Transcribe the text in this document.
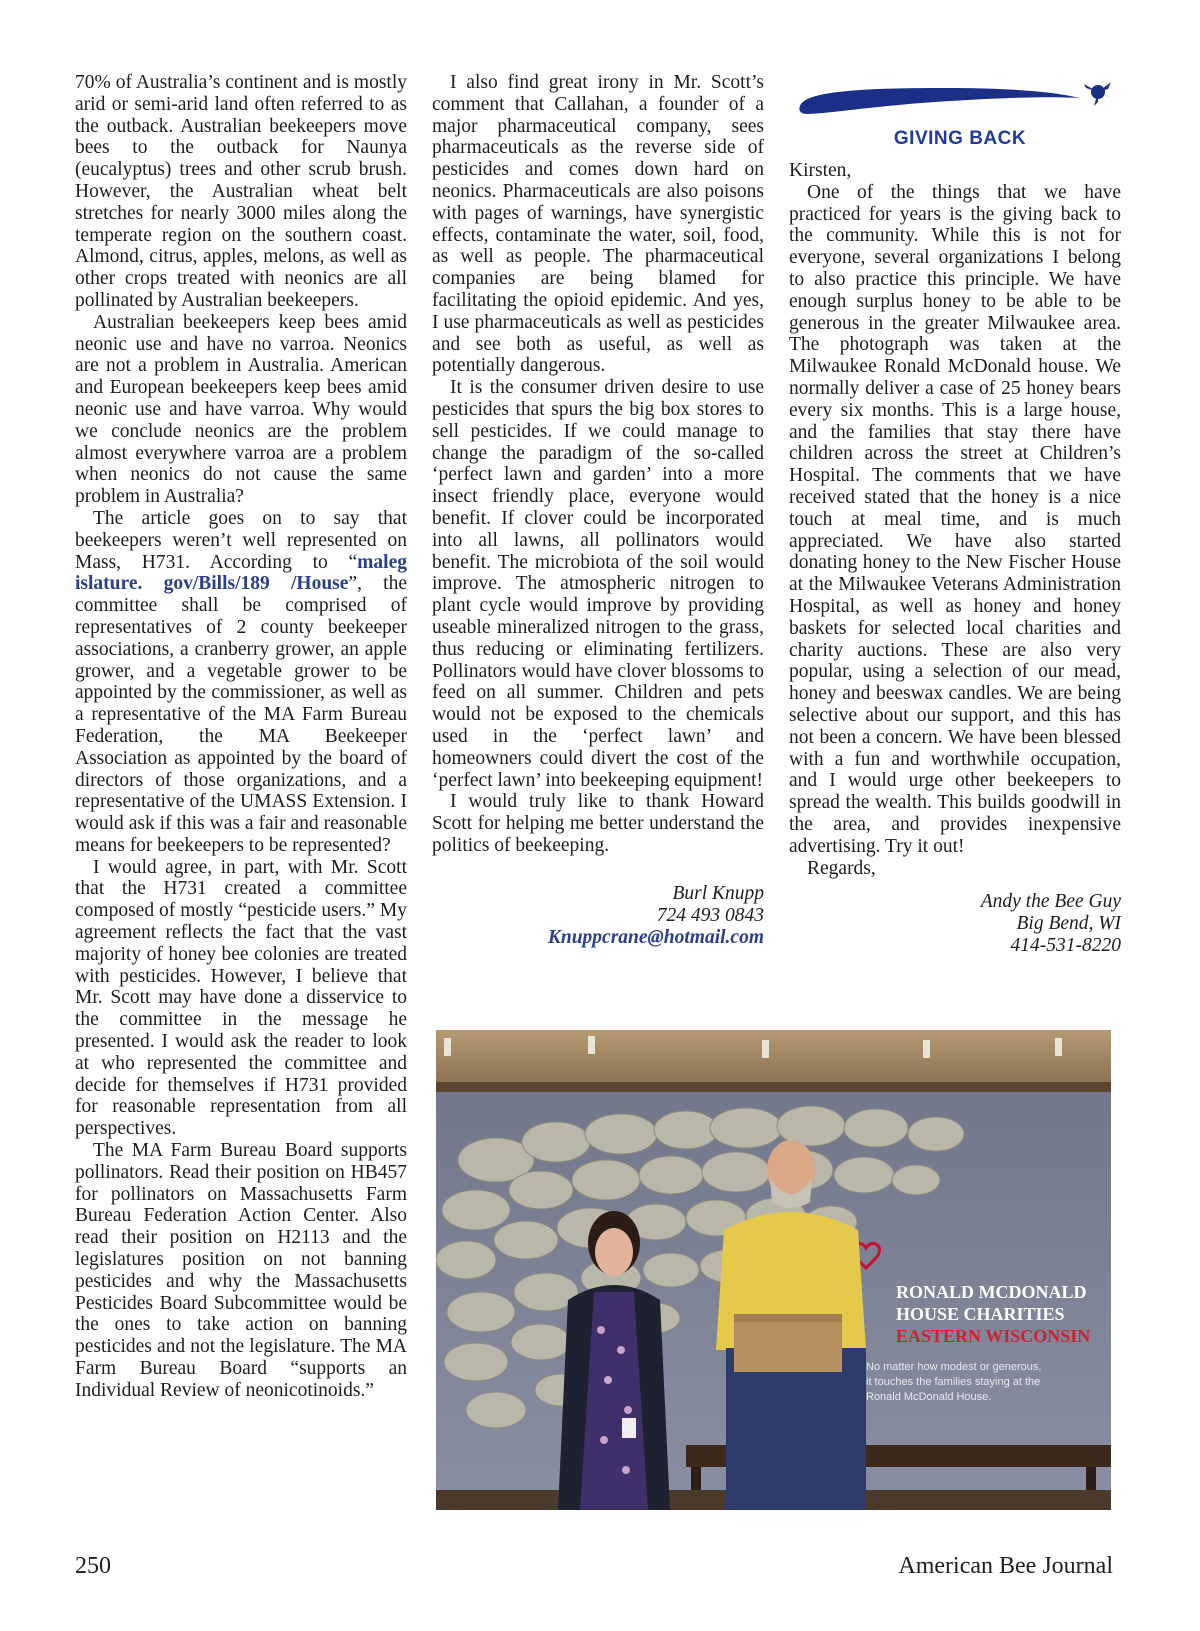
70% of Australia’s continent and is mostly arid or semi-arid land often referred to as the outback. Australian beekeepers move bees to the outback for Naunya (eucalyptus) trees and other scrub brush. However, the Australian wheat belt stretches for nearly 3000 miles along the temperate region on the southern coast. Almond, citrus, apples, melons, as well as other crops treated with neonics are all pollinated by Australian beekeepers.

Australian beekeepers keep bees amid neonic use and have no varroa. Neonics are not a problem in Australia. American and European beekeepers keep bees amid neonic use and have varroa. Why would we conclude neonics are the problem almost everywhere varroa are a problem when neonics do not cause the same problem in Australia?

The article goes on to say that beekeepers weren’t well represented on Mass, H731. According to “maleg islature. gov/Bills/189 /House”, the committee shall be comprised of representatives of 2 county beekeeper associations, a cranberry grower, an apple grower, and a vegetable grower to be appointed by the commissioner, as well as a representative of the MA Farm Bureau Federation, the MA Beekeeper Association as appointed by the board of directors of those organizations, and a representative of the UMASS Extension. I would ask if this was a fair and reasonable means for beekeepers to be represented?

I would agree, in part, with Mr. Scott that the H731 created a committee composed of mostly “pesticide users.” My agreement reflects the fact that the vast majority of honey bee colonies are treated with pesticides. However, I believe that Mr. Scott may have done a disservice to the committee in the message he presented. I would ask the reader to look at who represented the committee and decide for themselves if H731 provided for reasonable representation from all perspectives.

The MA Farm Bureau Board supports pollinators. Read their position on HB457 for pollinators on Massachusetts Farm Bureau Federation Action Center. Also read their position on H2113 and the legislatures position on not banning pesticides and why the Massachusetts Pesticides Board Subcommittee would be the ones to take action on banning pesticides and not the legislature. The MA Farm Bureau Board “supports an Individual Review of neonicotinoids.”

I also find great irony in Mr. Scott’s comment that Callahan, a founder of a major pharmaceutical company, sees pharmaceuticals as the reverse side of pesticides and comes down hard on neonics. Pharmaceuticals are also poisons with pages of warnings, have synergistic effects, contaminate the water, soil, food, as well as people. The pharmaceutical companies are being blamed for facilitating the opioid epidemic. And yes, I use pharmaceuticals as well as pesticides and see both as useful, as well as potentially dangerous.

It is the consumer driven desire to use pesticides that spurs the big box stores to sell pesticides. If we could manage to change the paradigm of the so-called ‘perfect lawn and garden’ into a more insect friendly place, everyone would benefit. If clover could be incorporated into all lawns, all pollinators would benefit. The microbiota of the soil would improve. The atmospheric nitrogen to plant cycle would improve by providing useable mineralized nitrogen to the grass, thus reducing or eliminating fertilizers. Pollinators would have clover blossoms to feed on all summer. Children and pets would not be exposed to the chemicals used in the ‘perfect lawn’ and homeowners could divert the cost of the ‘perfect lawn’ into beekeeping equipment!

I would truly like to thank Howard Scott for helping me better understand the politics of beekeeping.

Burl Knupp
724 493 0843
Knuppcrane@hotmail.com
GIVING BACK

Kirsten,

One of the things that we have practiced for years is the giving back to the community. While this is not for everyone, several organizations I belong to also practice this principle. We have enough surplus honey to be able to be generous in the greater Milwaukee area. The photograph was taken at the Milwaukee Ronald McDonald house. We normally deliver a case of 25 honey bears every six months. This is a large house, and the families that stay there have children across the street at Children’s Hospital. The comments that we have received stated that the honey is a nice touch at meal time, and is much appreciated. We have also started donating honey to the New Fischer House at the Milwaukee Veterans Administration Hospital, as well as honey and honey baskets for selected local charities and charity auctions. These are also very popular, using a selection of our mead, honey and beeswax candles. We are being selective about our support, and this has not been a concern. We have been blessed with a fun and worthwhile occupation, and I would urge other beekeepers to spread the wealth. This builds goodwill in the area, and provides inexpensive advertising. Try it out!

Regards,

Andy the Bee Guy
Big Bend, WI
414-531-8220
RONALD MCDONALD
HOUSE CHARITIES
EASTERN WISCONSIN
No matter how modest or generous,
it touches the families staying at the
Ronald McDonald House.
250	American Bee Journal
